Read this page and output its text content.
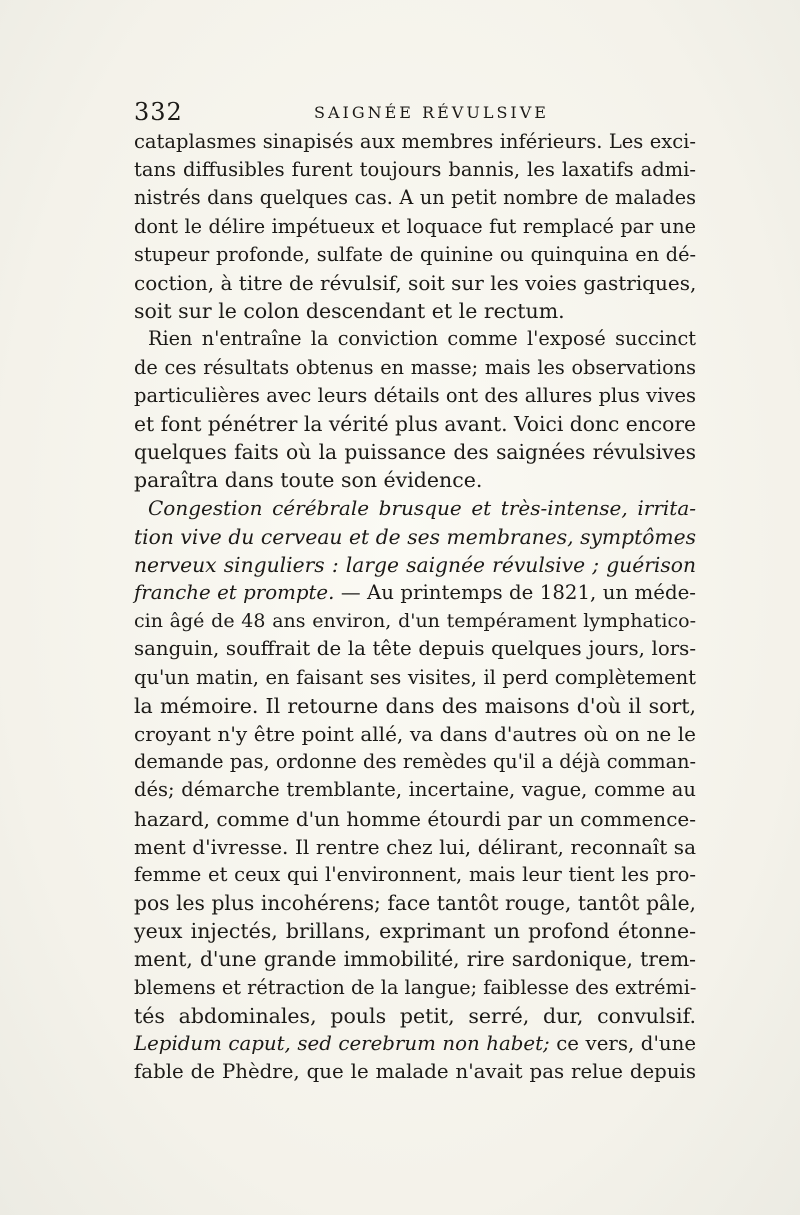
332	SAIGNÉE RÉVULSIVE
cataplasmes sinapisés aux membres inférieurs. Les exci-
tans diffusibles furent toujours bannis, les laxatifs admi-
nistrés dans quelques cas. A un petit nombre de malades
dont le délire impétueux et loquace fut remplacé par une
stupeur profonde, sulfate de quinine ou quinquina en dé-
coction, à titre de révulsif, soit sur les voies gastriques,
soit sur le colon descendant et le rectum.
Rien n'entraîne la conviction comme l'exposé succinct
de ces résultats obtenus en masse; mais les observations
particulières avec leurs détails ont des allures plus vives
et font pénétrer la vérité plus avant. Voici donc encore
quelques faits où la puissance des saignées révulsives
paraîtra dans toute son évidence.
Congestion cérébrale brusque et très-intense, irrita-
tion vive du cerveau et de ses membranes, symptômes
nerveux singuliers : large saignée révulsive ; guérison
franche et prompte. — Au printemps de 1821, un méde-
cin âgé de 48 ans environ, d'un tempérament lymphatico-
sanguin, souffrait de la tête depuis quelques jours, lors-
qu'un matin, en faisant ses visites, il perd complètement
la mémoire. Il retourne dans des maisons d'où il sort,
croyant n'y être point allé, va dans d'autres où on ne le
demande pas, ordonne des remèdes qu'il a déjà comman-
dés; démarche tremblante, incertaine, vague, comme au
hazard, comme d'un homme étourdi par un commence-
ment d'ivresse. Il rentre chez lui, délirant, reconnaît sa
femme et ceux qui l'environnent, mais leur tient les pro-
pos les plus incohérens; face tantôt rouge, tantôt pâle,
yeux injectés, brillans, exprimant un profond étonne-
ment, d'une grande immobilité, rire sardonique, trem-
blemens et rétraction de la langue; faiblesse des extrémi-
tés abdominales, pouls petit, serré, dur, convulsif.
Lepidum caput, sed cerebrum non habet; ce vers, d'une
fable de Phèdre, que le malade n'avait pas relue depuis
